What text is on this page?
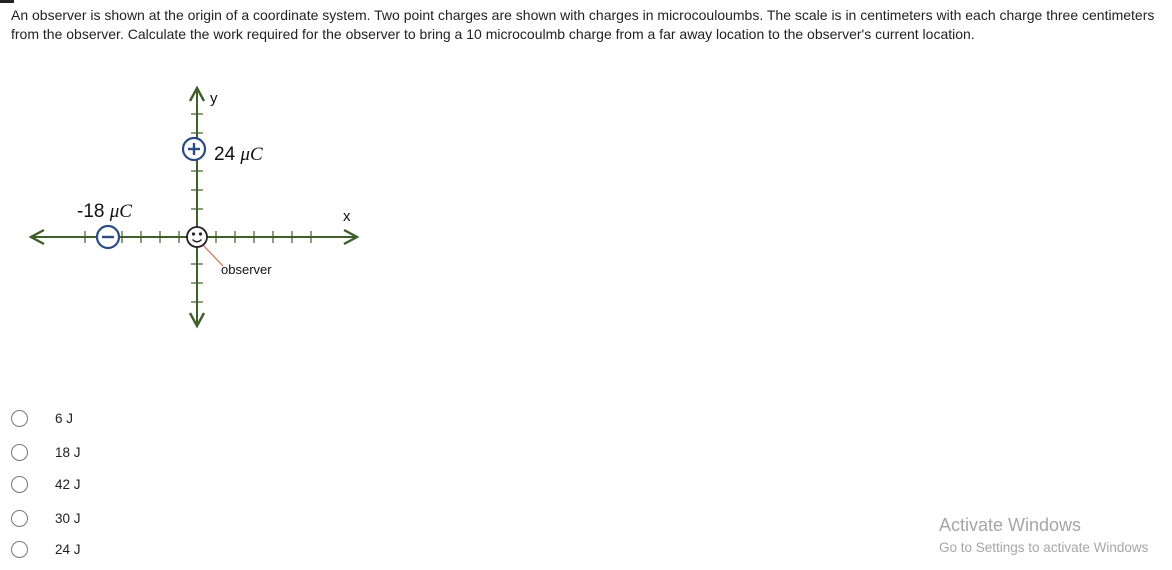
An observer is shown at the origin of a coordinate system. Two point charges are shown with charges in microcouloumbs. The scale is in centimeters with each charge three centimeters from the observer. Calculate the work required for the observer to bring a 10 microcoulmb charge from a far away location to the observer's current location.
y
x
24 μC
-18 μC
observer
6 J
18 J
42 J
30 J
24 J
Activate Windows
Go to Settings to activate Windows
